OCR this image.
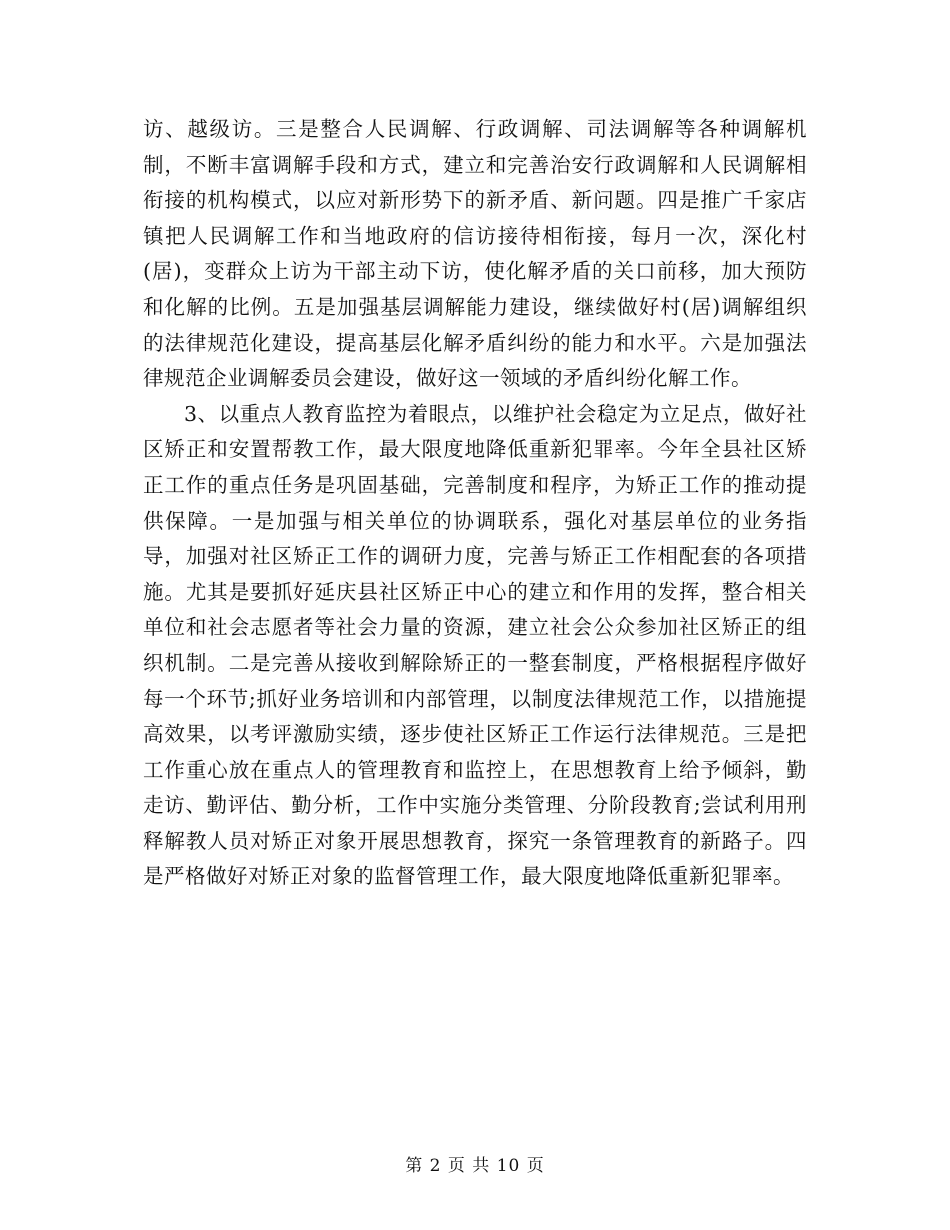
访、越级访。三是整合人民调解、行政调解、司法调解等各种调解机制，不断丰富调解手段和方式，建立和完善治安行政调解和人民调解相衔接的机构模式，以应对新形势下的新矛盾、新问题。四是推广千家店镇把人民调解工作和当地政府的信访接待相衔接，每月一次，深化村(居)，变群众上访为干部主动下访，使化解矛盾的关口前移，加大预防和化解的比例。五是加强基层调解能力建设，继续做好村(居)调解组织的法律规范化建设，提高基层化解矛盾纠纷的能力和水平。六是加强法律规范企业调解委员会建设，做好这一领域的矛盾纠纷化解工作。

3、以重点人教育监控为着眼点，以维护社会稳定为立足点，做好社区矫正和安置帮教工作，最大限度地降低重新犯罪率。今年全县社区矫正工作的重点任务是巩固基础，完善制度和程序，为矫正工作的推动提供保障。一是加强与相关单位的协调联系，强化对基层单位的业务指导，加强对社区矫正工作的调研力度，完善与矫正工作相配套的各项措施。尤其是要抓好延庆县社区矫正中心的建立和作用的发挥，整合相关单位和社会志愿者等社会力量的资源，建立社会公众参加社区矫正的组织机制。二是完善从接收到解除矫正的一整套制度，严格根据程序做好每一个环节;抓好业务培训和内部管理，以制度法律规范工作，以措施提高效果，以考评激励实绩，逐步使社区矫正工作运行法律规范。三是把工作重心放在重点人的管理教育和监控上，在思想教育上给予倾斜，勤走访、勤评估、勤分析，工作中实施分类管理、分阶段教育;尝试利用刑释解教人员对矫正对象开展思想教育，探究一条管理教育的新路子。四是严格做好对矫正对象的监督管理工作，最大限度地降低重新犯罪率。

第 2 页 共 10 页
